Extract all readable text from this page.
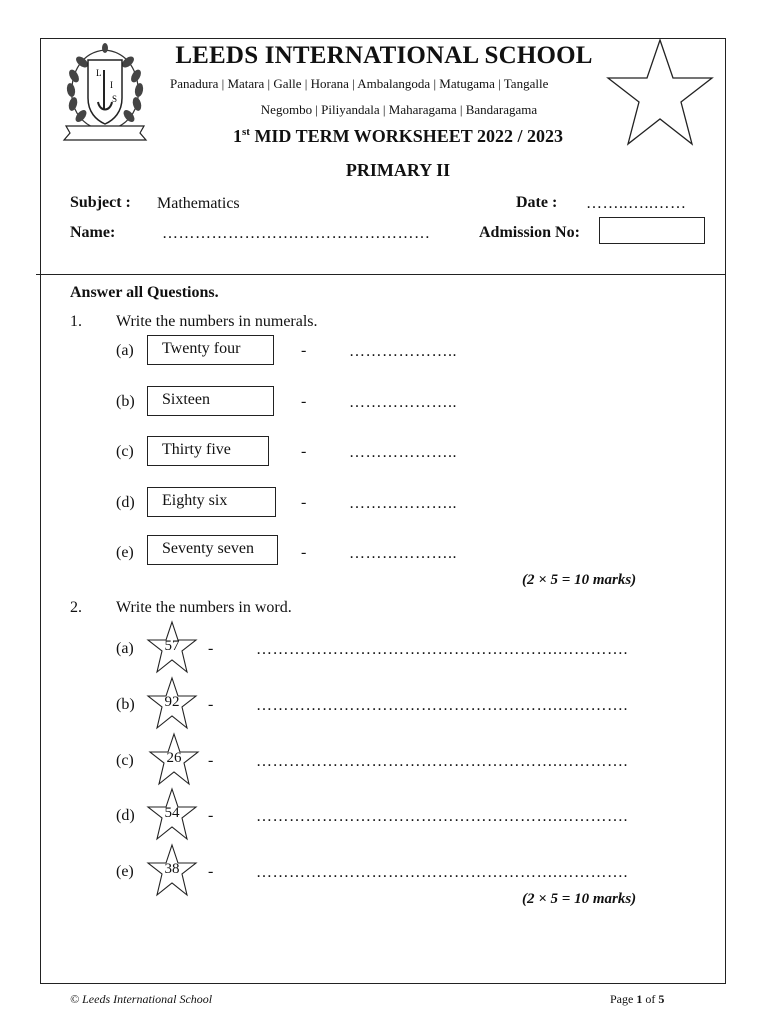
L
I
S
LEEDS INTERNATIONAL SCHOOL
Panadura | Matara | Galle | Horana | Ambalangoda | Matugama | Tangalle
Negombo | Piliyandala | Maharagama | Bandaragama
1st MID TERM WORKSHEET 2022 / 2023
PRIMARY II
Subject : Mathematics	Date : ……..…..……
Name:	…………………….……………………	Admission No:
Answer all Questions.
1. Write the numbers in numerals.
(a)	Twenty four	-	………………..
(b)	Sixteen	-	………………..
(c)	Thirty five	-	………………..
(d)	Eighty six	-	………………..
(e)	Seventy seven	-	………………..
(2 × 5 = 10 marks)
2. Write the numbers in word.
(a)	57	-	……………………………………………….………….
(b)	92	-	……………………………………………….………….
(c)	26	-	……………………………………………….………….
(d)	54	-	……………………………………………….………….
(e)	38	-	……………………………………………….………….
(2 × 5 = 10 marks)
© Leeds International School	Page 1 of 5
